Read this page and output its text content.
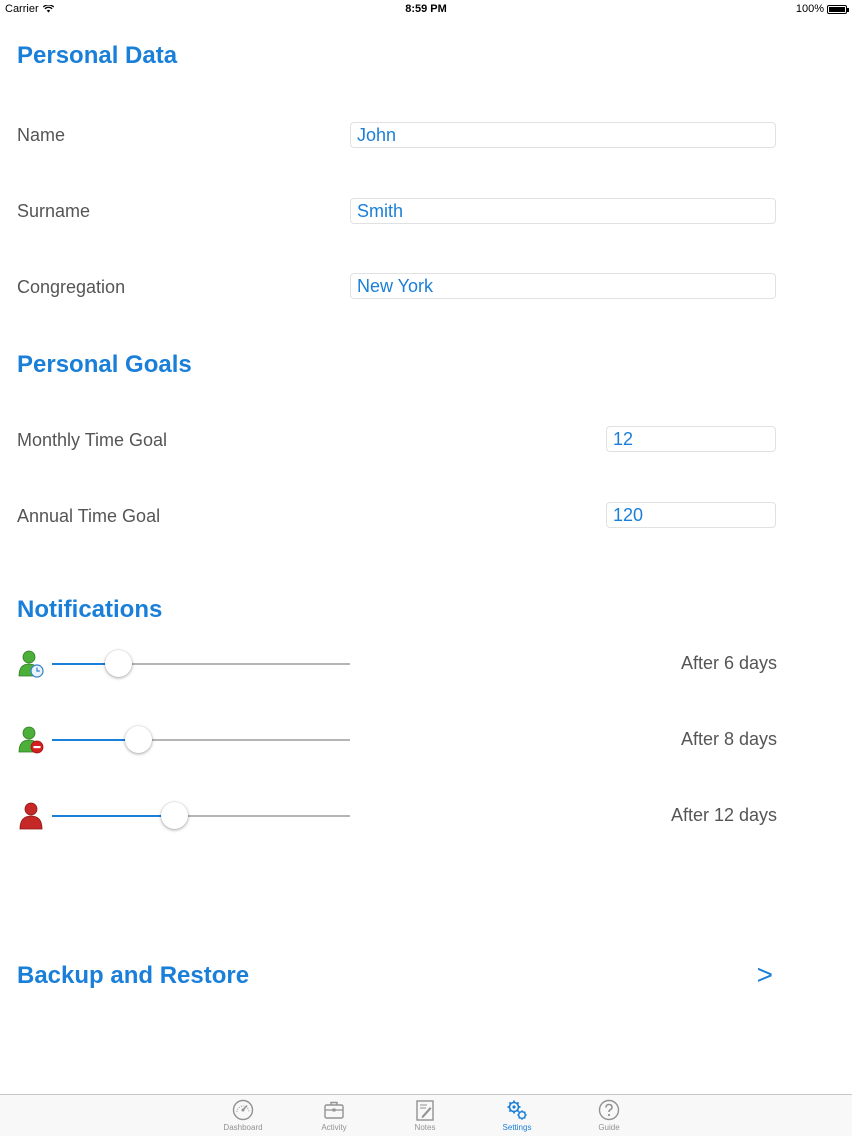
Carrier	8:59 PM	100%
Personal Data
Name	John
Surname	Smith
Congregation	New York
Personal Goals
Monthly Time Goal	12
Annual Time Goal	120
Notifications
After 6 days
After 8 days
After 12 days
Backup and Restore	>
Dashboard	Activity	Notes	Settings	Guide
